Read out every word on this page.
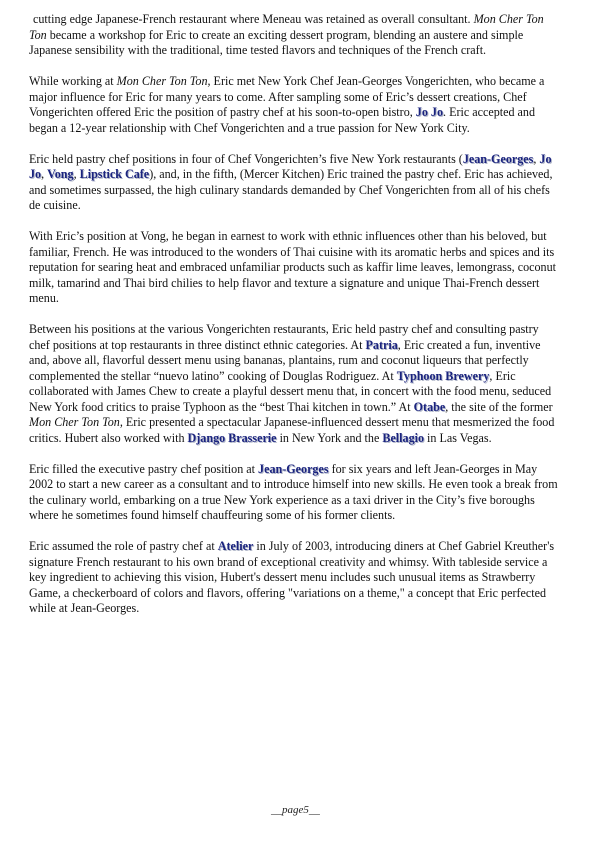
cutting edge Japanese-French restaurant where Meneau was retained as overall consultant. Mon Cher Ton Ton became a workshop for Eric to create an exciting dessert program, blending an austere and simple Japanese sensibility with the traditional, time tested flavors and techniques of the French craft.

While working at Mon Cher Ton Ton, Eric met New York Chef Jean-Georges Vongerichten, who became a major influence for Eric for many years to come. After sampling some of Eric’s dessert creations, Chef Vongerichten offered Eric the position of pastry chef at his soon-to-open bistro, Jo Jo. Eric accepted and began a 12-year relationship with Chef Vongerichten and a true passion for New York City.

Eric held pastry chef positions in four of Chef Vongerichten’s five New York restaurants (Jean-Georges, Jo Jo, Vong, Lipstick Cafe), and, in the fifth, (Mercer Kitchen) Eric trained the pastry chef. Eric has achieved, and sometimes surpassed, the high culinary standards demanded by Chef Vongerichten from all of his chefs de cuisine.

With Eric’s position at Vong, he began in earnest to work with ethnic influences other than his beloved, but familiar, French. He was introduced to the wonders of Thai cuisine with its aromatic herbs and spices and its reputation for searing heat and embraced unfamiliar products such as kaffir lime leaves, lemongrass, coconut milk, tamarind and Thai bird chilies to help flavor and texture a signature and unique Thai-French dessert menu.

Between his positions at the various Vongerichten restaurants, Eric held pastry chef and consulting pastry chef positions at top restaurants in three distinct ethnic categories. At Patria, Eric created a fun, inventive and, above all, flavorful dessert menu using bananas, plantains, rum and coconut liqueurs that perfectly complemented the stellar “nuevo latino” cooking of Douglas Rodriguez. At Typhoon Brewery, Eric collaborated with James Chew to create a playful dessert menu that, in concert with the food menu, seduced New York food critics to praise Typhoon as the “best Thai kitchen in town.” At Otabe, the site of the former Mon Cher Ton Ton, Eric presented a spectacular Japanese-influenced dessert menu that mesmerized the food critics. Hubert also worked with Django Brasserie in New York and the Bellagio in Las Vegas.

Eric filled the executive pastry chef position at Jean-Georges for six years and left Jean-Georges in May 2002 to start a new career as a consultant and to introduce himself into new skills. He even took a break from the culinary world, embarking on a true New York experience as a taxi driver in the City’s five boroughs where he sometimes found himself chauffeuring some of his former clients.

Eric assumed the role of pastry chef at Atelier in July of 2003, introducing diners at Chef Gabriel Kreuther's signature French restaurant to his own brand of exceptional creativity and whimsy. With tableside service a key ingredient to achieving this vision, Hubert's dessert menu includes such unusual items as Strawberry Game, a checkerboard of colors and flavors, offering "variations on a theme," a concept that Eric perfected while at Jean-Georges.

__page5__
